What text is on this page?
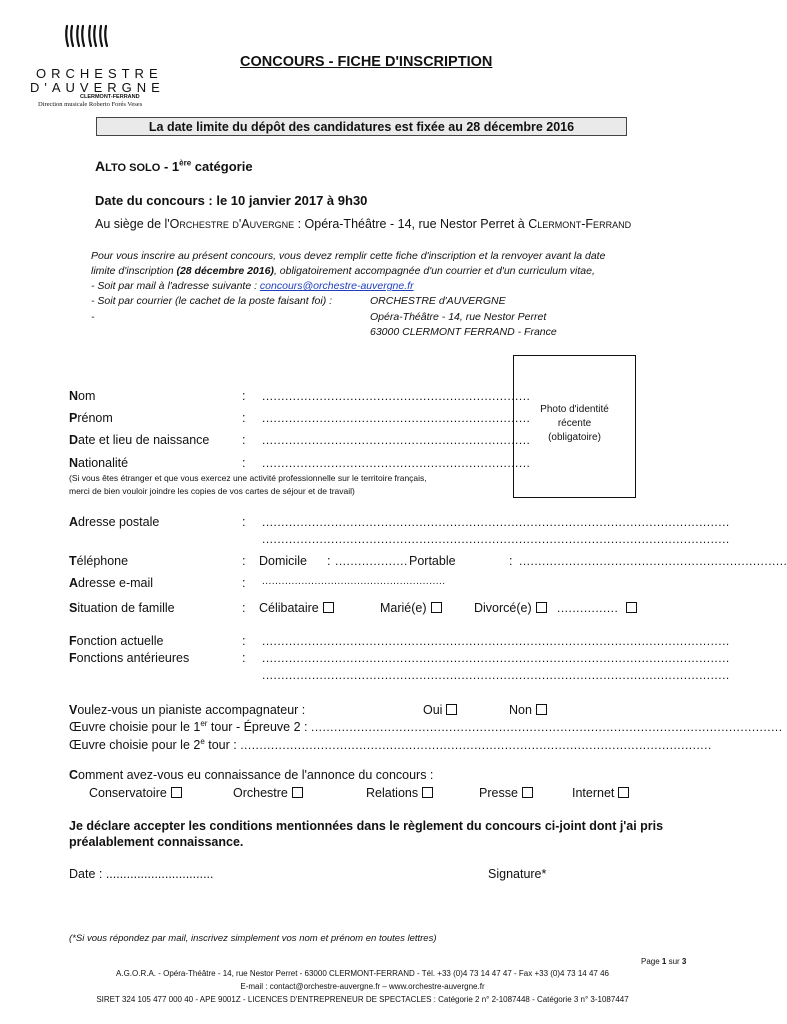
ORCHESTRE
D'AUVERGNE
CLERMONT-FERRAND
Direction musicale Roberto Forés Veses
CONCOURS - FICHE D'INSCRIPTION
La date limite du dépôt des candidatures est fixée au 28 décembre 2016
ALTO SOLO - 1ère catégorie
Date du concours : le 10 janvier 2017 à 9h30
Au siège de l'Orchestre d'Auvergne : Opéra-Théâtre - 14, rue Nestor Perret à Clermont-Ferrand
Pour vous inscrire au présent concours, vous devez remplir cette fiche d'inscription et la renvoyer avant la date
limite d'inscription (28 décembre 2016), obligatoirement accompagnée d'un courrier et d'un curriculum vitae,
- Soit par mail à l'adresse suivante : concours@orchestre-auvergne.fr
- Soit par courrier (le cachet de la poste faisant foi) :
-
ORCHESTRE d'AUVERGNE
Opéra-Théâtre - 14, rue Nestor Perret
63000 CLERMONT FERRAND - France
Photo d'identité
récente
(obligatoire)
Nom	: ......................................................................
Prénom	: ......................................................................
Date et lieu de naissance	: ......................................................................
Nationalité	: ......................................................................
(Si vous êtes étranger et que vous exercez une activité professionnelle sur le territoire français,
merci de bien vouloir joindre les copies de vos cartes de séjour et de travail)
Adresse postale	: ..........................................................................................................................
..........................................................................................................................
Téléphone	: Domicile : ................... Portable	: ......................................................................
Adresse e-mail	: ........................................................
Situation de famille	: Célibataire	Marié(e)	Divorcé(e)	................
Fonction actuelle	: ..........................................................................................................................
Fonctions antérieures	: ..........................................................................................................................
..........................................................................................................................
Voulez-vous un pianiste accompagnateur :	Oui	Non
Œuvre choisie pour le 1er tour - Épreuve 2 : ...........................................................................................................................
Œuvre choisie pour le 2e tour : ...........................................................................................................................
Comment avez-vous eu connaissance de l'annonce du concours :
Conservatoire	Orchestre	Relations	Presse	Internet
Je déclare accepter les conditions mentionnées dans le règlement du concours ci-joint dont j'ai pris
préalablement connaissance.
Date : ...............................	Signature*
(*Si vous répondez par mail, inscrivez simplement vos nom et prénom en toutes lettres)
Page 1 sur 3
A.G.O.R.A. - Opéra-Théâtre - 14, rue Nestor Perret - 63000 CLERMONT-FERRAND - Tél. +33 (0)4 73 14 47 47 - Fax +33 (0)4 73 14 47 46
E-mail : contact@orchestre-auvergne.fr – www.orchestre-auvergne.fr
SIRET 324 105 477 000 40 - APE 9001Z - LICENCES D'ENTREPRENEUR DE SPECTACLES : Catégorie 2 n° 2-1087448 - Catégorie 3 n° 3-1087447
